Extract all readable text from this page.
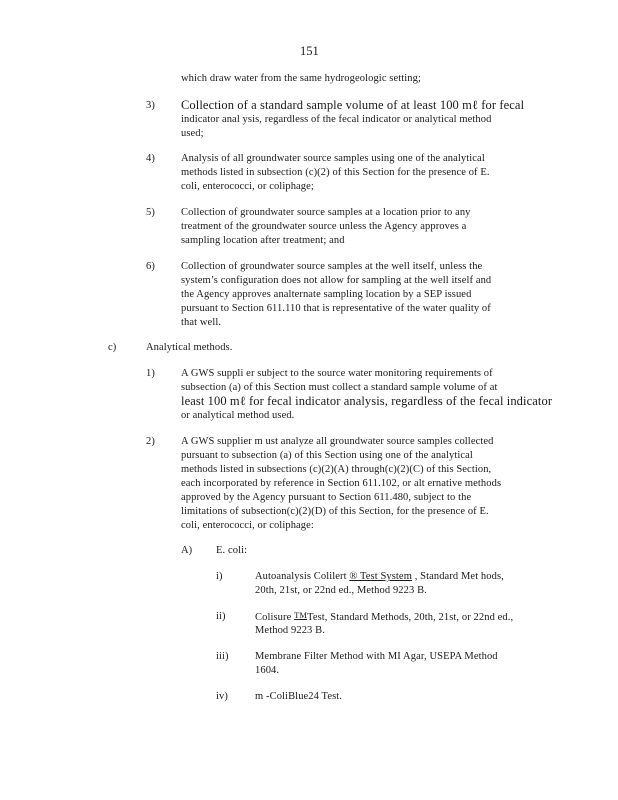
151
which draw water from the same hydrogeologic setting;
3) Collection of a standard sample volume of at least 100 mℓ for fecal
indicator anal ysis, regardless of the fecal indicator or analytical method
used;
4) Analysis of all groundwater source samples using one of the analytical
methods listed in subsection (c)(2) of this Section for the presence of E.
coli, enterococci, or coliphage;
5) Collection of groundwater source samples at a location prior to any
treatment of the groundwater source unless the Agency approves a
sampling location after treatment; and
6) Collection of groundwater source samples at the well itself, unless the
system’s configuration does not allow for sampling at the well itself and
the Agency approves analternate sampling location by a SEP issued
pursuant to Section 611.110 that is representative of the water quality of
that well.
c)	Analytical methods.
1) A GWS suppli er subject to the source water monitoring requirements of
subsection (a) of this Section must collect a standard sample volume of at
least 100 mℓ for fecal indicator analysis, regardless of the fecal indicator
or analytical method used.
2) A GWS supplier m ust analyze all groundwater source samples collected
pursuant to subsection (a) of this Section using one of the analytical
methods listed in subsections (c)(2)(A) through(c)(2)(C) of this Section,
each incorporated by reference in Section 611.102, or alt ernative methods
approved by the Agency pursuant to Section 611.480, subject to the
limitations of subsection(c)(2)(D) of this Section, for the presence of E.
coli, enterococci, or coliphage:
A) E. coli:
i)	Autoanalysis Colilert ® Test System , Standard Met hods,
20th, 21st, or 22nd ed., Method 9223 B.
ii)	Colisure TMTest, Standard Methods, 20th, 21st, or 22nd ed.,
Method 9223 B.
iii)	Membrane Filter Method with MI Agar, USEPA Method
1604.
iv)	m -ColiBlue24 Test.
